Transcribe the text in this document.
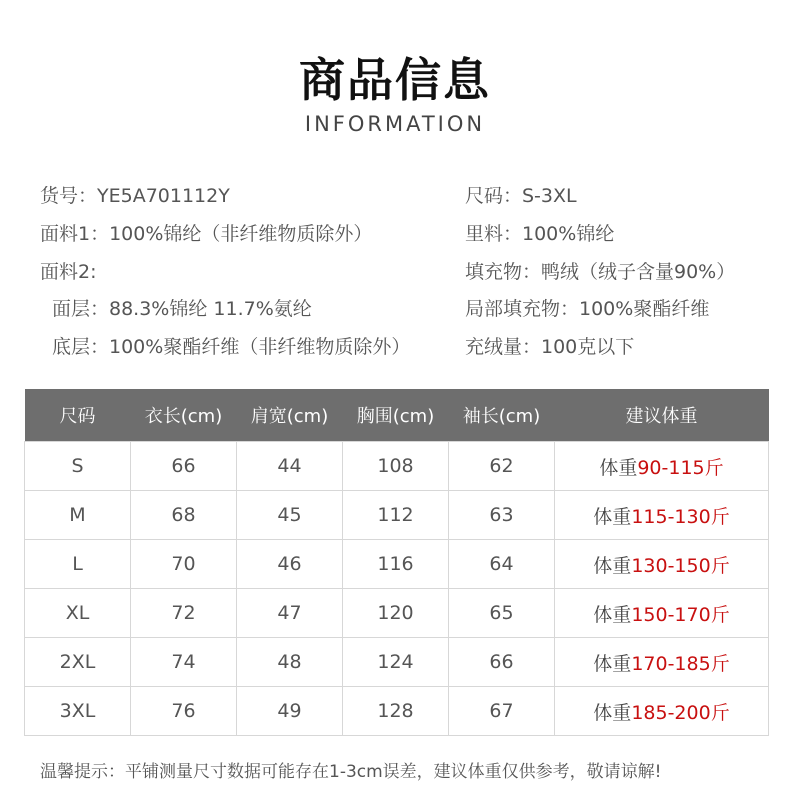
商品信息
INFORMATION
货号：YE5A701112Y
面料1：100%锦纶（非纤维物质除外）
面料2:
面层：88.3%锦纶 11.7%氨纶
底层：100%聚酯纤维（非纤维物质除外）
尺码：S-3XL
里料：100%锦纶
填充物：鸭绒（绒子含量90%）
局部填充物：100%聚酯纤维
充绒量：100克以下
尺码	衣长(cm)	肩宽(cm)	胸围(cm)	袖长(cm)	建议体重
S	66	44	108	62	体重90-115斤
M	68	45	112	63	体重115-130斤
L	70	46	116	64	体重130-150斤
XL	72	47	120	65	体重150-170斤
2XL	74	48	124	66	体重170-185斤
3XL	76	49	128	67	体重185-200斤
温馨提示：平铺测量尺寸数据可能存在1-3cm误差，建议体重仅供参考，敬请谅解!
